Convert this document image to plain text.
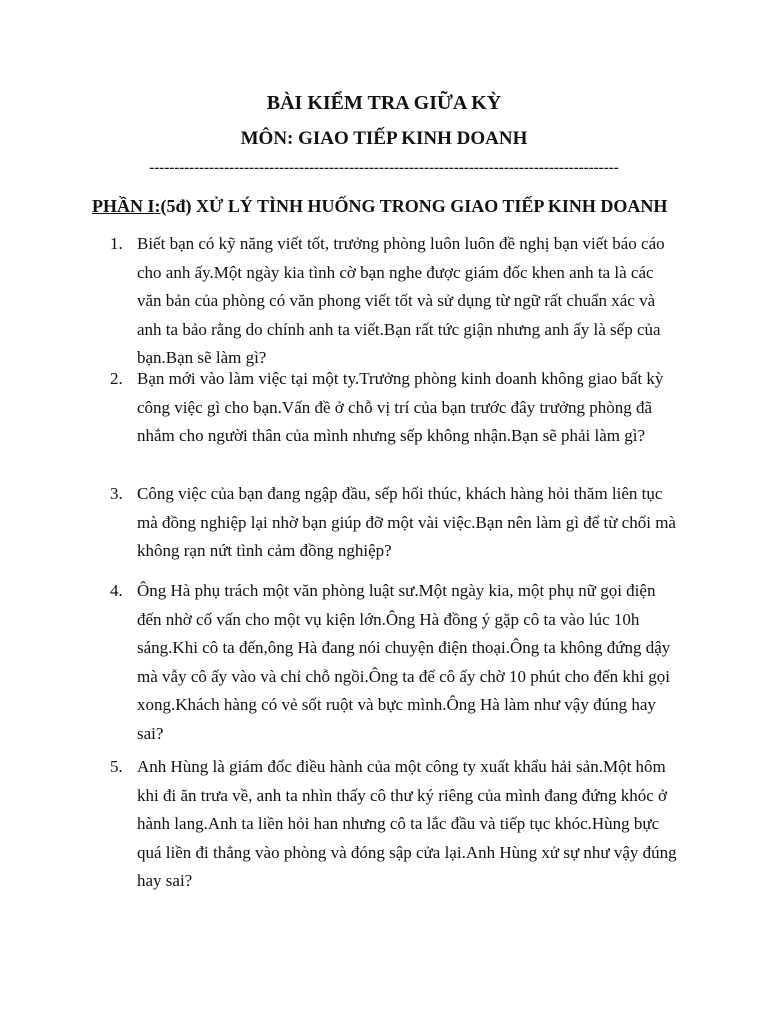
BÀI KIỂM TRA GIỮA KỲ
MÔN: GIAO TIẾP KINH DOANH
----------------------------------------------------------------------------------------------
PHẦN I:(5đ) XỬ LÝ TÌNH HUỐNG TRONG GIAO TIẾP KINH DOANH
1. Biết bạn có kỹ năng viết tốt, trưởng phòng luôn luôn đề nghị bạn viết báo cáo cho anh ấy.Một ngày kia tình cờ bạn nghe được giám đốc khen anh ta là các văn bản của phòng có văn phong viết tốt và sử dụng từ ngữ rất chuẩn xác và anh ta bảo rằng do chính anh ta viết.Bạn rất tức giận nhưng anh ấy là sếp của bạn.Bạn sẽ làm gì?
2. Bạn mới vào làm việc tại một ty.Trưởng phòng kinh doanh không giao bất kỳ công việc gì cho bạn.Vấn đề ở chỗ vị trí của bạn trước đây trưởng phòng đã nhắm cho người thân của mình nhưng sếp không nhận.Bạn sẽ phải làm gì?
3. Công việc của bạn đang ngập đầu, sếp hối thúc, khách hàng hỏi thăm liên tục mà đồng nghiệp lại nhờ bạn giúp đỡ một vài việc.Bạn nên làm gì để từ chối mà không rạn nứt tình cảm đồng nghiệp?
4. Ông Hà phụ trách một văn phòng luật sư.Một ngày kia, một phụ nữ gọi điện đến nhờ cố vấn cho một vụ kiện lớn.Ông Hà đồng ý gặp cô ta vào lúc 10h sáng.Khi cô ta đến,ông Hà đang nói chuyện điện thoại.Ông ta không đứng dậy mà vẫy cô ấy vào và chỉ chỗ ngồi.Ông ta để cô ấy chờ 10 phút cho đến khi gọi xong.Khách hàng có vẻ sốt ruột và bực mình.Ông Hà làm như vậy đúng hay sai?
5. Anh Hùng là giám đốc điều hành của một công ty xuất khẩu hải sản.Một hôm khi đi ăn trưa về, anh ta nhìn thấy cô thư ký riêng của mình đang đứng khóc ở hành lang.Anh ta liền hỏi han nhưng cô ta lắc đầu và tiếp tục khóc.Hùng bực quá liền đi thẳng vào phòng và đóng sập cửa lại.Anh Hùng xử sự như vậy đúng hay sai?
